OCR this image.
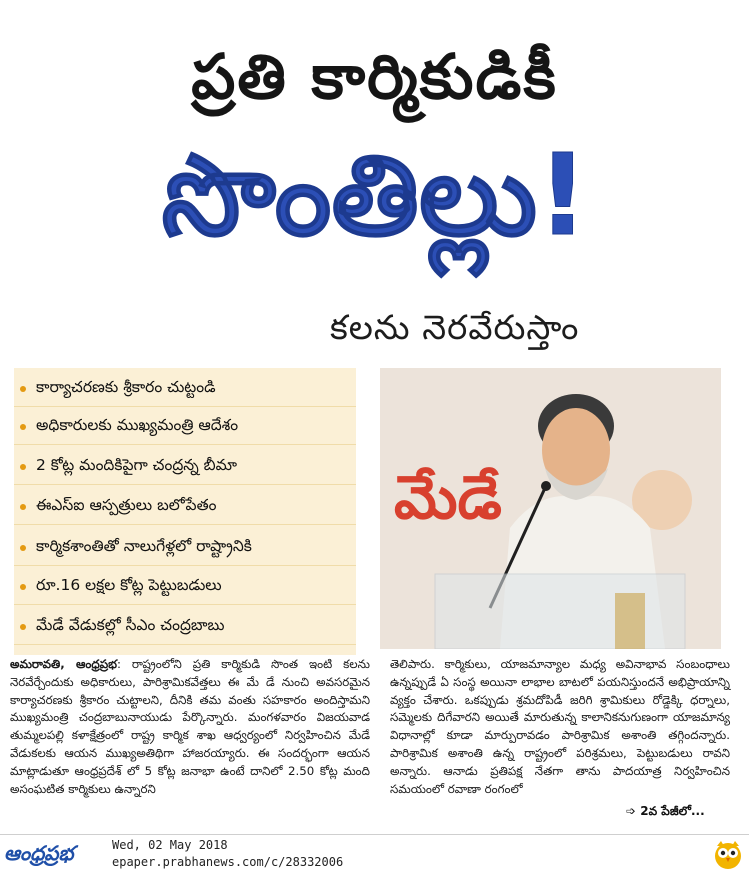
ప్రతి కార్మికుడికీ
సొంతిల్లు!
కలను నెరవేరుస్తాం
కార్యాచరణకు శ్రీకారం చుట్టండి
అధికారులకు ముఖ్యమంత్రి ఆదేశం
2 కోట్ల మందికిపైగా చంద్రన్న బీమా
ఈఎస్ఐ ఆస్పత్రులు బలోపేతం
కార్మికశాంతితో నాలుగేళ్లలో రాష్ట్రానికి
రూ.16 లక్షల కోట్ల పెట్టుబడులు
మేడే వేడుకల్లో సీఎం చంద్రబాబు
మేడే
అమరావతి, ఆంధ్రప్రభ: రాష్ట్రంలోని ప్రతి కార్మికుడి సొంత ఇంటి కలను నెరవేర్చేందుకు అధికారులు, పారిశ్రామికవేత్తలు ఈ మే డే నుంచి అవసరమైన కార్యాచరణకు శ్రీకారం చుట్టాలని, దీనికి తమ వంతు సహకారం అందిస్తామని ముఖ్యమంత్రి చంద్రబాబునాయుడు పేర్కొన్నారు. మంగళవారం విజయవాడ తుమ్మలపల్లి కళాక్షేత్రంలో రాష్ట్ర కార్మిక శాఖ ఆధ్వర్యంలో నిర్వహించిన మేడే వేడుకలకు ఆయన ముఖ్యఅతిథిగా హాజరయ్యారు. ఈ సందర్భంగా ఆయన మాట్లాడుతూ ఆంధ్రప్రదేశ్ లో 5 కోట్ల జనాభా ఉంటే దానిలో 2.50 కోట్ల మంది అసంఘటిత కార్మికులు ఉన్నారని
తెలిపారు. కార్మికులు, యాజమాన్యాల మధ్య అవినాభావ సంబంధాలు ఉన్నప్పుడే ఏ సంస్థ అయినా లాభాల బాటలో పయనిస్తుందనే అభిప్రాయాన్ని వ్యక్తం చేశారు. ఒకప్పుడు శ్రమదోపిడీ జరిగి శ్రామికులు రోడ్డెక్కి ధర్నాలు, సమ్మెలకు దిగేవారని అయితే మారుతున్న కాలానికనుగుణంగా యాజమాన్య విధానాల్లో కూడా మార్పురావడం పారిశ్రామిక అశాంతి తగ్గిందన్నారు. పారిశ్రామిక అశాంతి ఉన్న రాష్ట్రంలో పరిశ్రమలు, పెట్టుబడులు రావని అన్నారు. ఆనాడు ప్రతిపక్ష నేతగా తాను పాదయాత్ర నిర్వహించిన సమయంలో రవాణా రంగంలో
➩ 2వ పేజీలో...
ఆంధ్రప్రభ	Wed, 02 May 2018
epaper.prabhanews.com/c/28332006
